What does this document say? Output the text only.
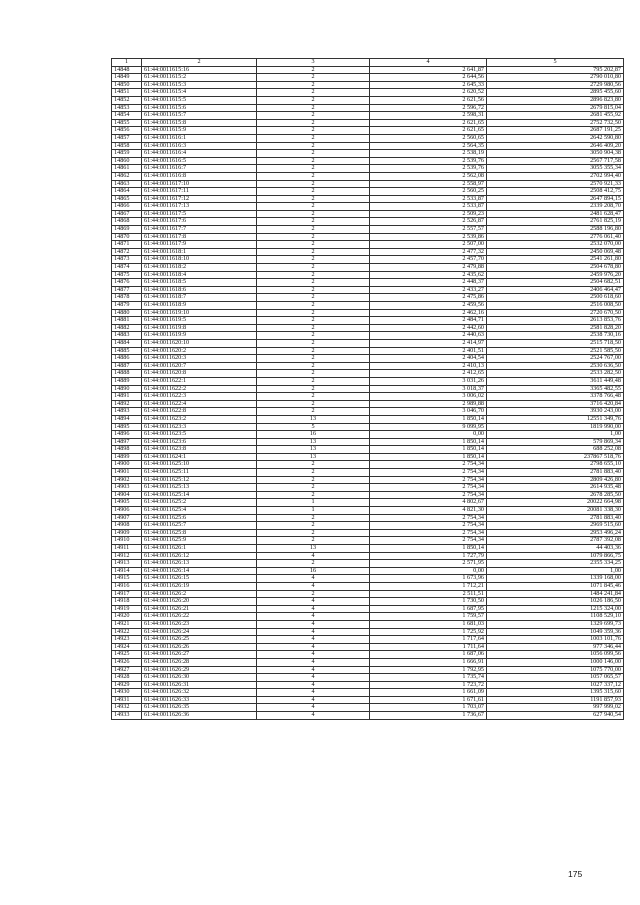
1	2	3	4	5
14848	61:44:0011615:16	2	2 641,87	795 202,87
14849	61:44:0011615:2	2	2 644,56	2790 010,80
14850	61:44:0011615:3	2	2 645,33	2729 980,56
14851	61:44:0011615:4	2	2 620,52	2895 455,60
14852	61:44:0011615:5	2	2 621,56	2896 823,80
14853	61:44:0011615:6	2	2 596,72	2679 815,04
14854	61:44:0011615:7	2	2 598,31	2681 455,92
14855	61:44:0011615:8	2	2 621,65	2752 732,50
14856	61:44:0011615:9	2	2 621,65	2687 191,25
14857	61:44:0011616:1	2	2 560,65	2642 590,80
14858	61:44:0011616:3	2	2 564,35	2646 409,20
14859	61:44:0011616:4	2	2 538,19	3050 904,38
14860	61:44:0011616:5	2	2 539,76	2567 717,58
14861	61:44:0011616:7	2	2 539,76	3055 355,34
14862	61:44:0011616:8	2	2 562,08	2702 994,40
14863	61:44:0011617:10	2	2 558,97	2570 921,33
14864	61:44:0011617:11	2	2 560,25	2508 412,75
14865	61:44:0011617:12	2	2 533,87	2647 894,15
14866	61:44:0011617:13	2	2 533,87	2339 208,70
14867	61:44:0011617:5	2	2 509,23	2481 628,47
14868	61:44:0011617:6	2	2 526,87	2761 825,19
14869	61:44:0011617:7	2	2 557,57	2588 196,80
14870	61:44:0011617:8	2	2 539,86	2776 061,40
14871	61:44:0011617:9	2	2 507,00	2532 070,00
14872	61:44:0011618:1	2	2 477,32	2450 069,48
14873	61:44:0011618:10	2	2 457,70	2541 261,80
14874	61:44:0011618:2	2	2 479,88	2504 678,80
14875	61:44:0011618:4	2	2 435,62	2459 976,20
14876	61:44:0011618:5	2	2 448,37	2504 682,51
14877	61:44:0011618:6	2	2 433,27	2406 464,47
14878	61:44:0011618:7	2	2 475,86	2500 618,60
14879	61:44:0011618:9	2	2 459,56	2516 008,50
14880	61:44:0011619:10	2	2 462,16	2720 670,50
14881	61:44:0011619:5	2	2 484,71	2613 853,76
14882	61:44:0011619:8	2	2 442,60	2581 828,20
14883	61:44:0011619:9	2	2 440,63	2538 730,16
14884	61:44:0011620:10	2	2 414,97	2515 718,50
14885	61:44:0011620:2	2	2 401,51	2521 585,50
14886	61:44:0011620:3	2	2 404,54	2524 767,00
14887	61:44:0011620:7	2	2 410,13	2530 636,50
14888	61:44:0011620:8	2	2 412,65	2533 282,50
14889	61:44:0011622:1	2	3 031,26	3611 449,48
14890	61:44:0011622:2	2	3 018,37	3365 482,55
14891	61:44:0011622:3	2	3 006,02	3378 766,48
14892	61:44:0011622:4	2	2 989,88	3716 420,84
14893	61:44:0011622:8	2	3 046,70	3930 243,00
14894	61:44:0011623:2	13	1 850,14	12551 349,76
14895	61:44:0011623:3	5	9 099,95	1819 990,00
14896	61:44:0011623:5	16	0,00	1,00
14897	61:44:0011623:6	13	1 850,14	579 869,34
14898	61:44:0011623:8	13	1 850,14	688 252,08
14899	61:44:0011624:1	13	1 850,14	237867 518,76
14900	61:44:0011625:10	2	2 754,34	2798 655,10
14901	61:44:0011625:11	2	2 754,34	2781 883,40
14902	61:44:0011625:12	2	2 754,34	2809 426,80
14903	61:44:0011625:13	2	2 754,34	2614 935,48
14904	61:44:0011625:14	2	2 754,34	2678 285,50
14905	61:44:0011625:2	1	4 802,67	20022 664,98
14906	61:44:0011625:4	1	4 821,30	20081 338,30
14907	61:44:0011625:6	2	2 754,34	2781 883,40
14908	61:44:0011625:7	2	2 754,34	2969 515,60
14909	61:44:0011625:8	2	2 754,34	2953 496,24
14910	61:44:0011625:9	2	2 754,34	2787 392,08
14911	61:44:0011626:1	13	1 850,14	44 403,36
14912	61:44:0011626:12	4	1 727,79	1079 866,75
14913	61:44:0011626:13	2	2 571,95	2355 334,25
14914	61:44:0011626:14	16	0,00	1,00
14915	61:44:0011626:15	4	1 673,96	1339 168,00
14916	61:44:0011626:19	4	1 712,21	1071 845,46
14917	61:44:0011626:2	2	2 511,51	1484 241,84
14918	61:44:0011626:20	4	1 730,50	1026 186,50
14919	61:44:0011626:21	4	1 687,95	1215 324,00
14920	61:44:0011626:22	4	1 759,57	1108 529,10
14921	61:44:0011626:23	4	1 681,03	1329 699,73
14922	61:44:0011626:24	4	1 725,92	1049 359,36
14923	61:44:0011626:25	4	1 717,64	1003 101,76
14924	61:44:0011626:26	4	1 711,64	977 346,44
14925	61:44:0011626:27	4	1 687,06	1056 099,56
14926	61:44:0011626:28	4	1 666,91	1000 146,00
14927	61:44:0011626:29	4	1 792,95	1075 770,00
14928	61:44:0011626:30	4	1 735,74	1057 065,57
14929	61:44:0011626:31	4	1 723,72	1027 337,12
14930	61:44:0011626:32	4	1 661,09	1395 315,60
14931	61:44:0011626:33	4	1 671,61	1191 857,93
14932	61:44:0011626:35	4	1 703,07	997 999,02
14933	61:44:0011626:36	4	1 736,67	627 940,54
175
